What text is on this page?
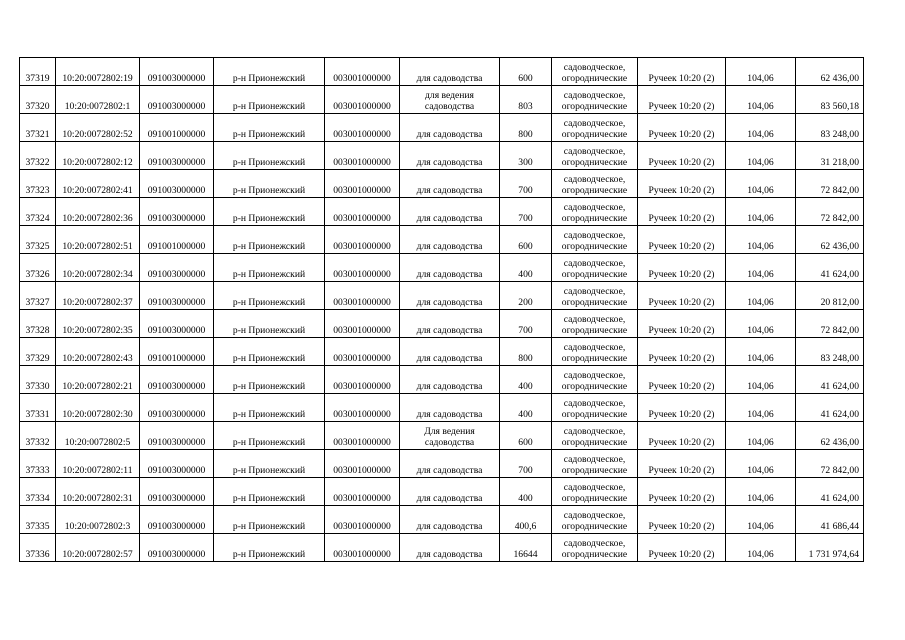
37319	10:20:0072802:19	091003000000	р-н Прионежский	003001000000	для садоводства	600	садоводческое, огороднические	Ручеек 10:20 (2)	104,06	62 436,00

37320	10:20:0072802:1	091003000000	р-н Прионежский	003001000000	для ведения садоводства	803	садоводческое, огороднические	Ручеек 10:20 (2)	104,06	83 560,18

37321	10:20:0072802:52	091001000000	р-н Прионежский	003001000000	для садоводства	800	садоводческое, огороднические	Ручеек 10:20 (2)	104,06	83 248,00

37322	10:20:0072802:12	091003000000	р-н Прионежский	003001000000	для садоводства	300	садоводческое, огороднические	Ручеек 10:20 (2)	104,06	31 218,00

37323	10:20:0072802:41	091003000000	р-н Прионежский	003001000000	для садоводства	700	садоводческое, огороднические	Ручеек 10:20 (2)	104,06	72 842,00

37324	10:20:0072802:36	091003000000	р-н Прионежский	003001000000	для садоводства	700	садоводческое, огороднические	Ручеек 10:20 (2)	104,06	72 842,00

37325	10:20:0072802:51	091001000000	р-н Прионежский	003001000000	для садоводства	600	садоводческое, огороднические	Ручеек 10:20 (2)	104,06	62 436,00

37326	10:20:0072802:34	091003000000	р-н Прионежский	003001000000	для садоводства	400	садоводческое, огороднические	Ручеек 10:20 (2)	104,06	41 624,00

37327	10:20:0072802:37	091003000000	р-н Прионежский	003001000000	для садоводства	200	садоводческое, огороднические	Ручеек 10:20 (2)	104,06	20 812,00

37328	10:20:0072802:35	091003000000	р-н Прионежский	003001000000	для садоводства	700	садоводческое, огороднические	Ручеек 10:20 (2)	104,06	72 842,00

37329	10:20:0072802:43	091001000000	р-н Прионежский	003001000000	для садоводства	800	садоводческое, огороднические	Ручеек 10:20 (2)	104,06	83 248,00

37330	10:20:0072802:21	091003000000	р-н Прионежский	003001000000	для садоводства	400	садоводческое, огороднические	Ручеек 10:20 (2)	104,06	41 624,00

37331	10:20:0072802:30	091003000000	р-н Прионежский	003001000000	для садоводства	400	садоводческое, огороднические	Ручеек 10:20 (2)	104,06	41 624,00

37332	10:20:0072802:5	091003000000	р-н Прионежский	003001000000	Для ведения садоводства	600	садоводческое, огороднические	Ручеек 10:20 (2)	104,06	62 436,00

37333	10:20:0072802:11	091003000000	р-н Прионежский	003001000000	для садоводства	700	садоводческое, огороднические	Ручеек 10:20 (2)	104,06	72 842,00

37334	10:20:0072802:31	091003000000	р-н Прионежский	003001000000	для садоводства	400	садоводческое, огороднические	Ручеек 10:20 (2)	104,06	41 624,00

37335	10:20:0072802:3	091003000000	р-н Прионежский	003001000000	для садоводства	400,6	садоводческое, огороднические	Ручеек 10:20 (2)	104,06	41 686,44

37336	10:20:0072802:57	091003000000	р-н Прионежский	003001000000	для садоводства	16644	садоводческое, огороднические	Ручеек 10:20 (2)	104,06	1 731 974,64
